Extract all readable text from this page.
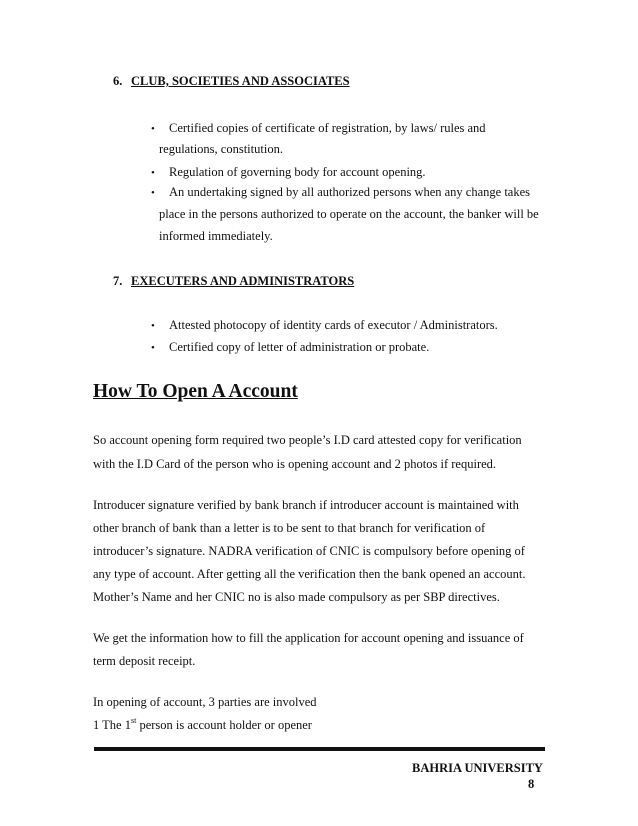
6. CLUB, SOCIETIES AND ASSOCIATES
• Certified copies of certificate of registration, by laws/ rules and
regulations, constitution.
• Regulation of governing body for account opening.
• An undertaking signed by all authorized persons when any change takes
place in the persons authorized to operate on the account, the banker will be
informed immediately.
7. EXECUTERS AND ADMINISTRATORS
• Attested photocopy of identity cards of executor / Administrators.
• Certified copy of letter of administration or probate.
How To Open A Account
So account opening form required two people’s I.D card attested copy for verification
with the I.D Card of the person who is opening account and 2 photos if required.
Introducer signature verified by bank branch if introducer account is maintained with
other branch of bank than a letter is to be sent to that branch for verification of
introducer’s signature. NADRA verification of CNIC is compulsory before opening of
any type of account. After getting all the verification then the bank opened an account.
Mother’s Name and her CNIC no is also made compulsory as per SBP directives.
We get the information how to fill the application for account opening and issuance of
term deposit receipt.
In opening of account, 3 parties are involved
1 The 1st person is account holder or opener
BAHRIA UNIVERSITY
8
